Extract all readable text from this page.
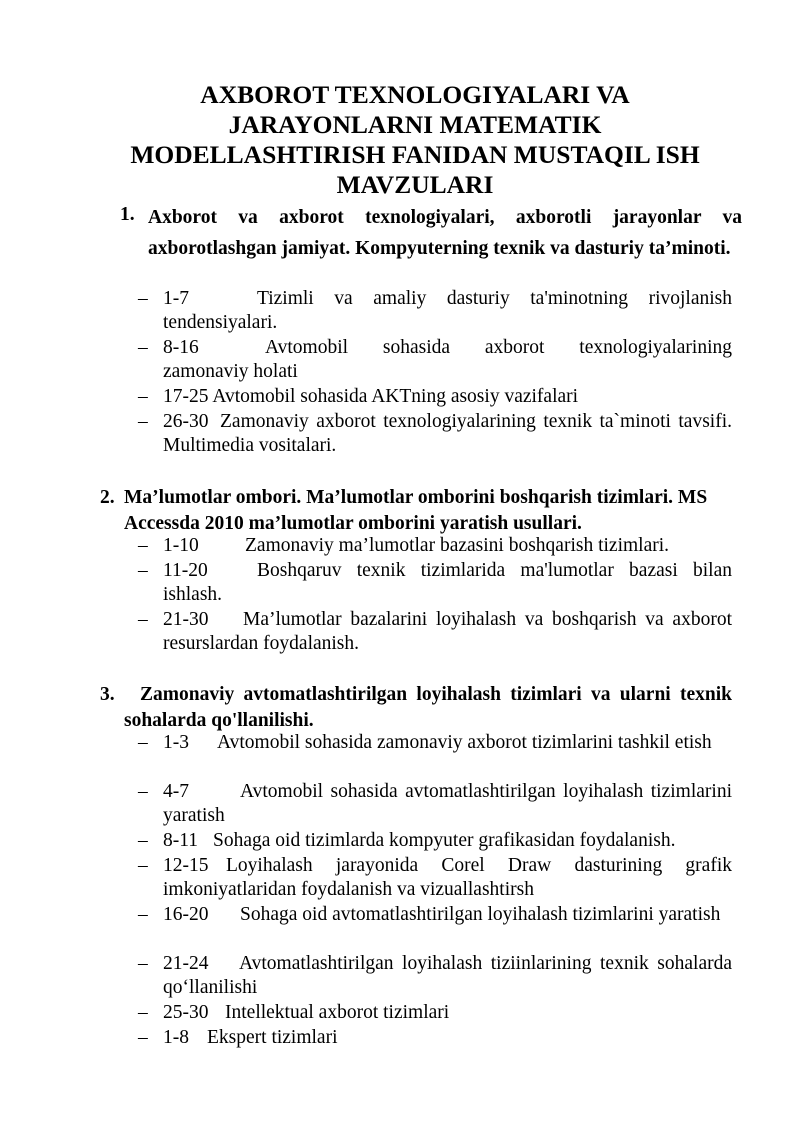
AXBOROT TEXNOLOGIYALARI VA JARAYONLARNI MATEMATIK MODELLASHTIRISH FANIDAN MUSTAQIL ISH MAVZULARI
1. Axborot va axborot texnologiyalari, axborotli jarayonlar va axborotlashgan jamiyat. Kompyuterning texnik va dasturiy ta’minoti.
– 1-7	Tizimli va amaliy dasturiy ta'minotning rivojlanish tendensiyalari.
– 8-16	Avtomobil sohasida axborot texnologiyalarining zamonaviy holati
– 17-25 Avtomobil sohasida AKTning asosiy vazifalari
– 26-30 Zamonaviy axborot texnologiyalarining texnik ta`minoti tavsifi. Multimedia vositalari.
2. Ma’lumotlar ombori. Ma’lumotlar omborini boshqarish tizimlari. MS Accessda 2010 ma’lumotlar omborini yaratish usullari.
– 1-10 Zamonaviy ma’lumotlar bazasini boshqarish tizimlari.
– 11-20	Boshqaruv texnik tizimlarida ma'lumotlar bazasi bilan ishlash.
– 21-30 Ma’lumotlar bazalarini loyihalash va boshqarish va axborot resurslardan foydalanish.
3.	Zamonaviy avtomatlashtirilgan loyihalash tizimlari va ularni texnik sohalarda qo'llanilishi.
– 1-3 Avtomobil sohasida zamonaviy axborot tizimlarini tashkil etish
– 4-7	Avtomobil sohasida avtomatlashtirilgan loyihalash tizimlarini yaratish
– 8-11 Sohaga oid tizimlarda kompyuter grafikasidan foydalanish.
– 12-15 Loyihalash jarayonida Corel Draw dasturining grafik imkoniyatlaridan foydalanish va vizuallashtirsh
– 16-20 Sohaga oid avtomatlashtirilgan loyihalash tizimlarini yaratish
– 21-24 Avtomatlashtirilgan loyihalash tiziinlarining texnik sohalarda qo‘llanilishi
– 25-30 Intellektual axborot tizimlari
– 1-8 Ekspert tizimlari
